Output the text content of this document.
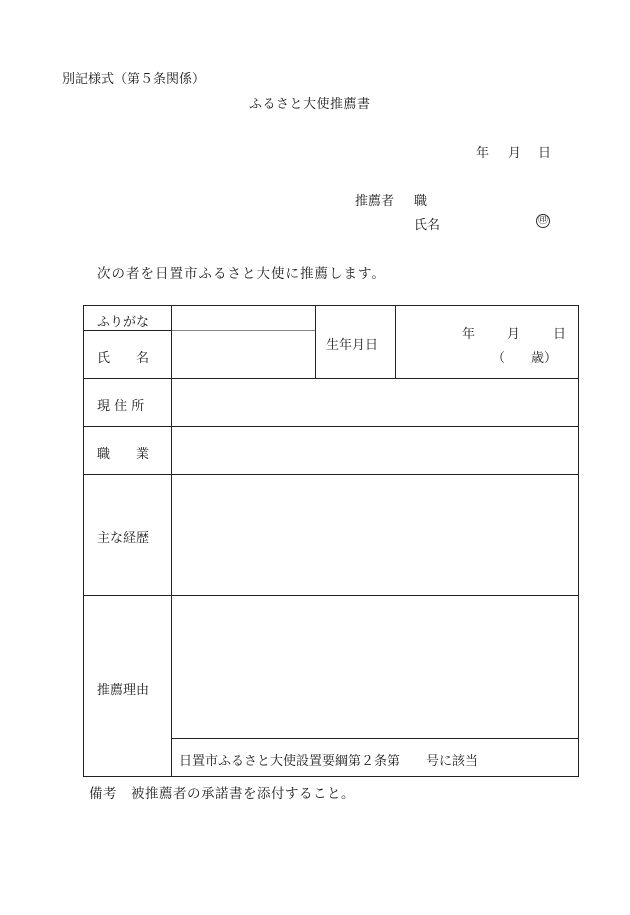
別記様式（第５条関係）
ふるさと大使推薦書
年 月 日
推薦者 職
氏名	㊞
次の者を日置市ふるさと大使に推薦します。
ふりがな
氏　　名
生年月日
年 月	日
（　　歳）
現 住 所
職　　業
主な経歴
推薦理由
日置市ふるさと大使設置要綱第２条第　　号に該当
備考　被推薦者の承諾書を添付すること。
